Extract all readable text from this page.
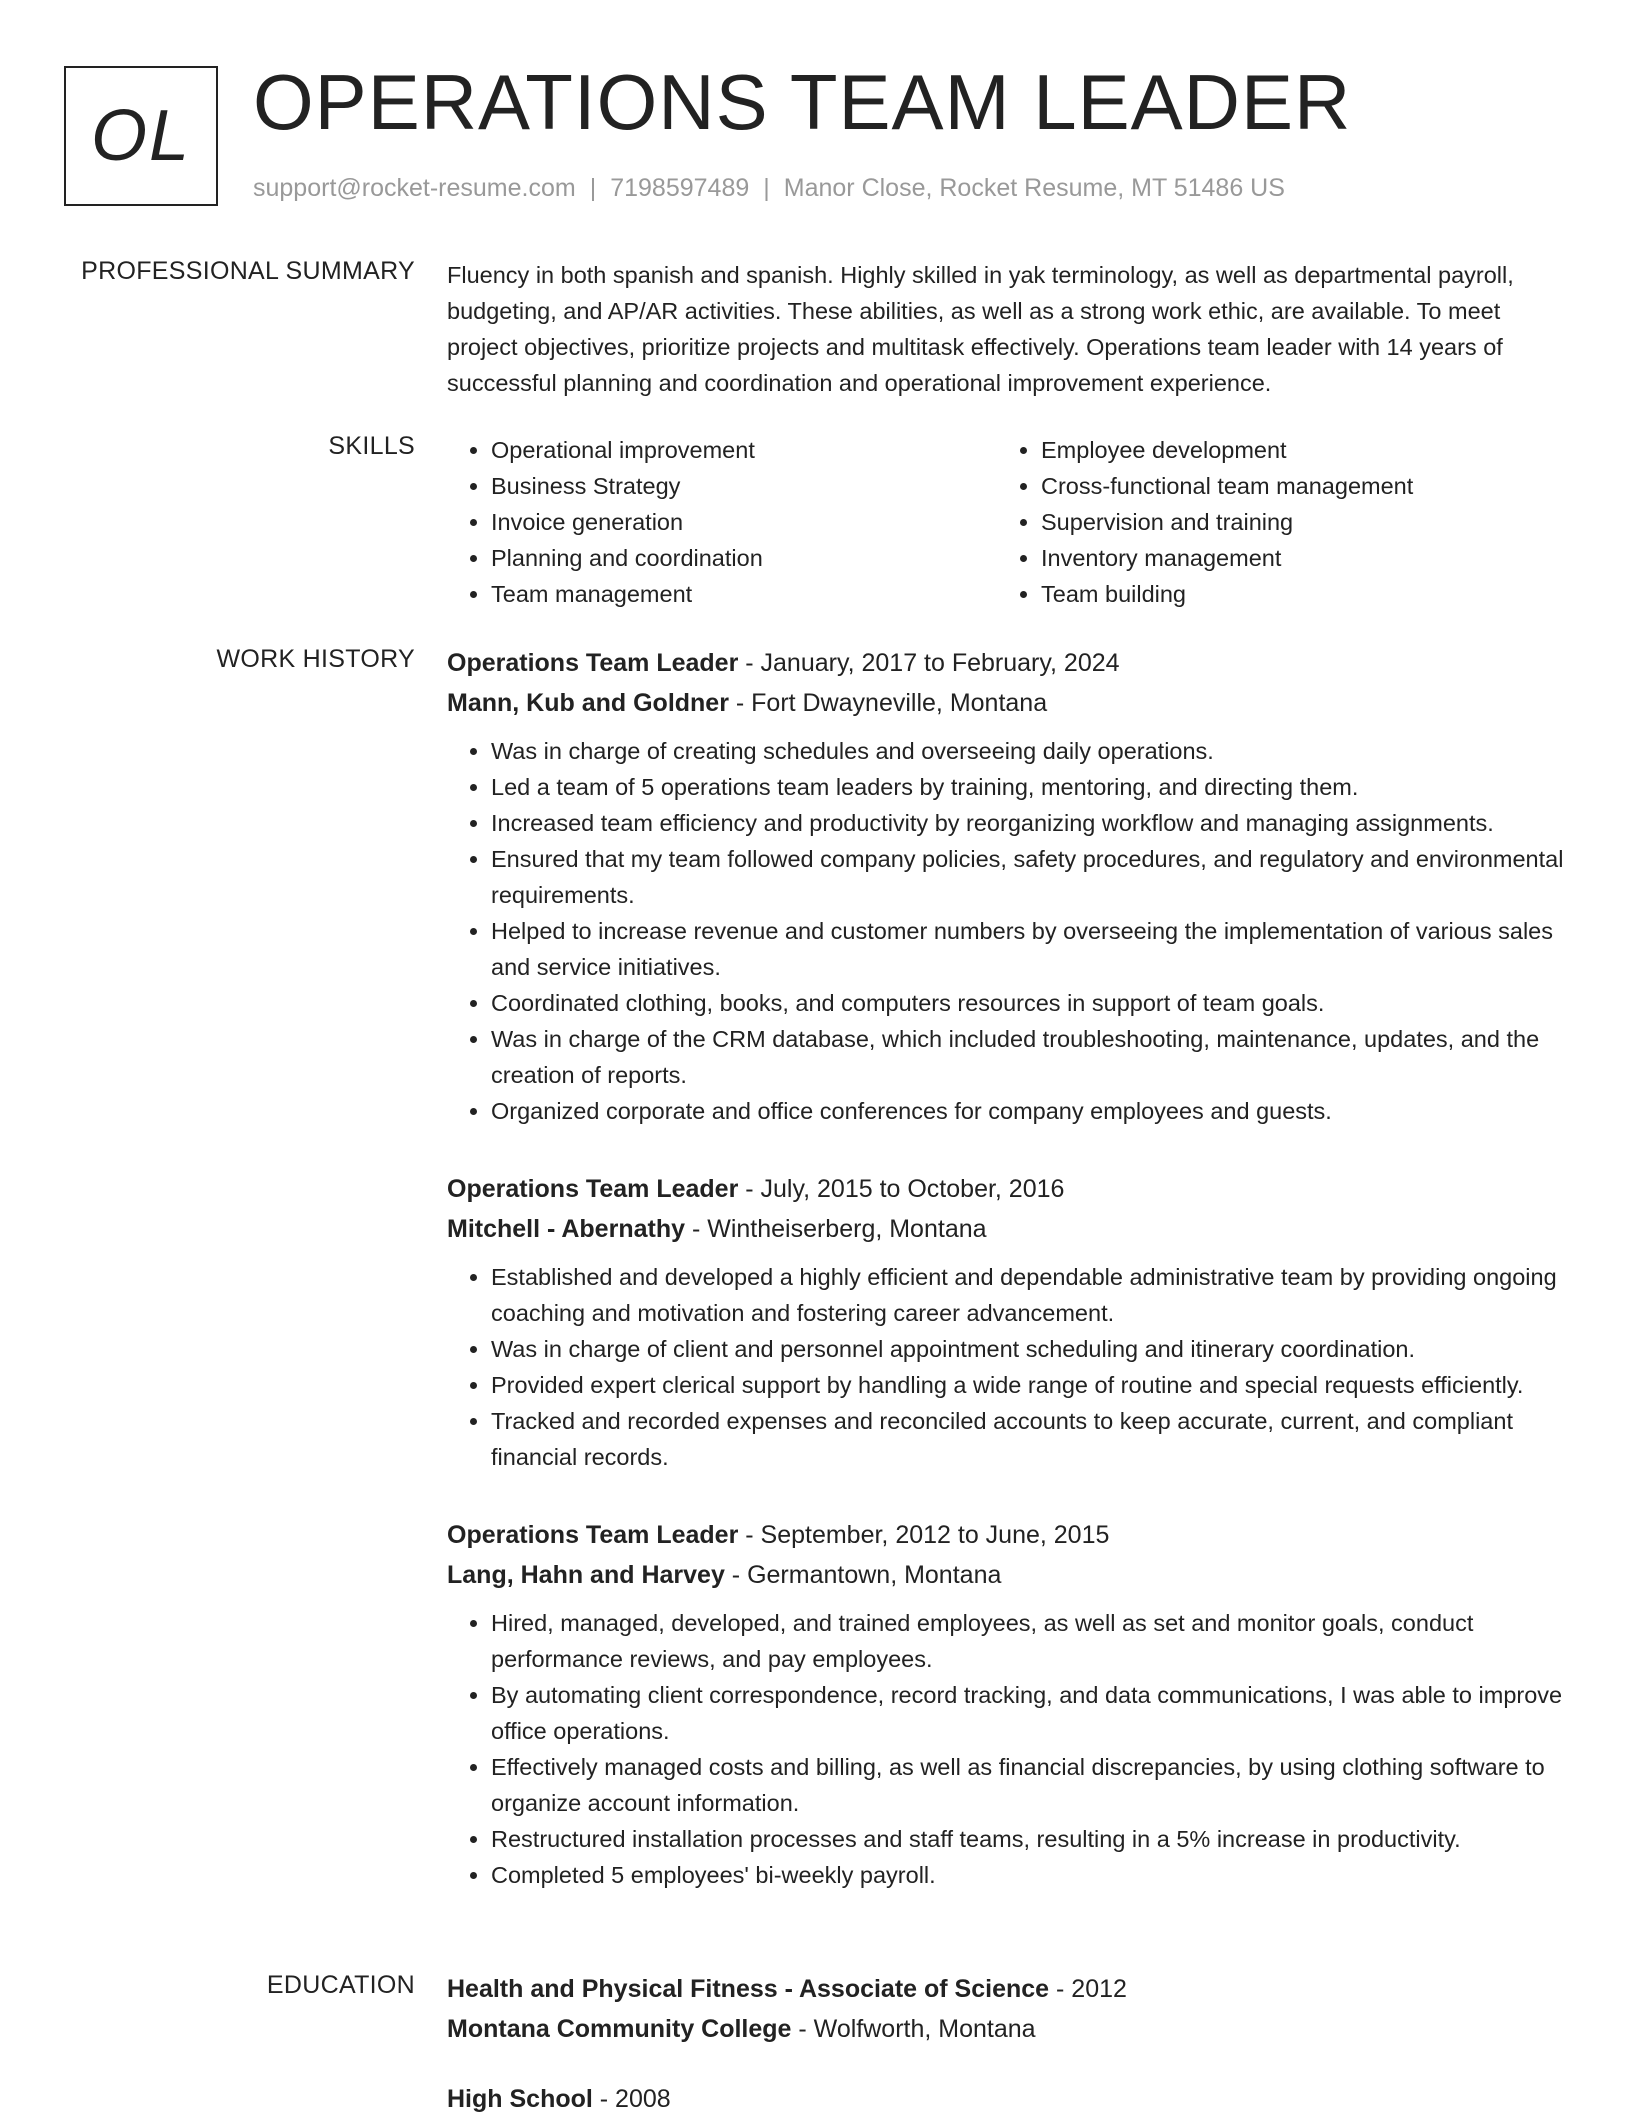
OL OPERATIONS TEAM LEADER
support@rocket-resume.com | 7198597489 | Manor Close, Rocket Resume, MT 51486 US
PROFESSIONAL SUMMARY Fluency in both spanish and spanish. Highly skilled in yak terminology, as well as departmental payroll, budgeting, and AP/AR activities. These abilities, as well as a strong work ethic, are available. To meet project objectives, prioritize projects and multitask effectively. Operations team leader with 14 years of successful planning and coordination and operational improvement experience.

SKILLS
•	Operational improvement
• Business Strategy
• Invoice generation
• Planning and coordination
• Team management
• Employee development
• Cross-functional team management
• Supervision and training
• Inventory management
• Team building
WORK HISTORY Operations Team Leader - January, 2017 to February, 2024
Mann, Kub and Goldner - Fort Dwayneville, Montana
• Was in charge of creating schedules and overseeing daily operations.
• Led a team of 5 operations team leaders by training, mentoring, and directing them.
• Increased team efficiency and productivity by reorganizing workflow and managing assignments.
• Ensured that my team followed company policies, safety procedures, and regulatory and environmental requirements.
• Helped to increase revenue and customer numbers by overseeing the implementation of various sales and service initiatives.
• Coordinated clothing, books, and computers resources in support of team goals.
• Was in charge of the CRM database, which included troubleshooting, maintenance, updates, and the creation of reports.
• Organized corporate and office conferences for company employees and guests.
Operations Team Leader - July, 2015 to October, 2016
Mitchell - Abernathy - Wintheiserberg, Montana
• Established and developed a highly efficient and dependable administrative team by providing ongoing coaching and motivation and fostering career advancement.
• Was in charge of client and personnel appointment scheduling and itinerary coordination.
• Provided expert clerical support by handling a wide range of routine and special requests efficiently.
• Tracked and recorded expenses and reconciled accounts to keep accurate, current, and compliant financial records.
Operations Team Leader - September, 2012 to June, 2015
Lang, Hahn and Harvey - Germantown, Montana
• Hired, managed, developed, and trained employees, as well as set and monitor goals, conduct performance reviews, and pay employees.
• By automating client correspondence, record tracking, and data communications, I was able to improve office operations.
• Effectively managed costs and billing, as well as financial discrepancies, by using clothing software to organize account information.
• Restructured installation processes and staff teams, resulting in a 5% increase in productivity.
• Completed 5 employees' bi-weekly payroll.
EDUCATION Health and Physical Fitness - Associate of Science - 2012
Montana Community College - Wolfworth, Montana
High School - 2008
